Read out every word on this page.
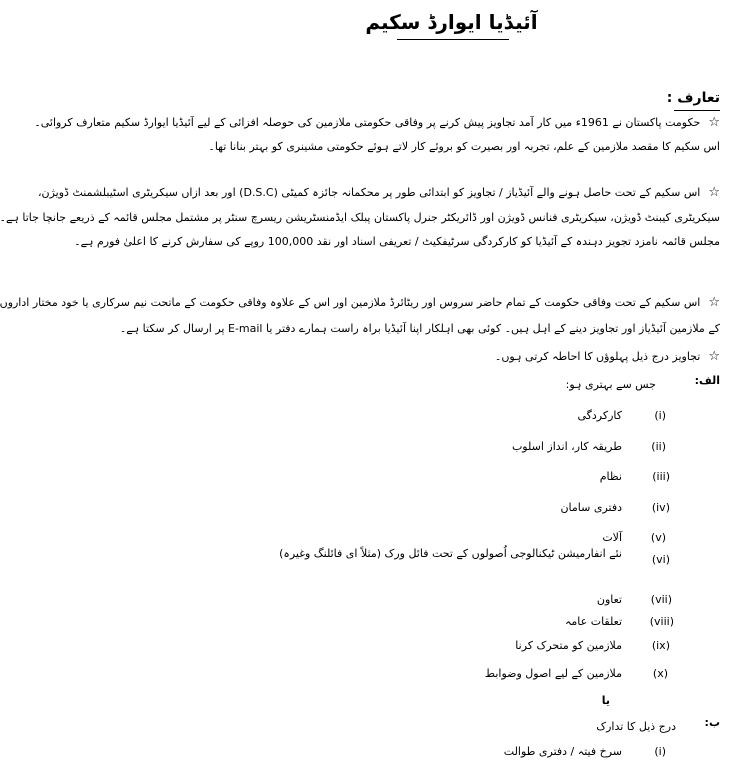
آئیڈیا ایوارڈ سکیم
تعارف :
☆حکومت پاکستان نے 1961ء میں کار آمد تجاویز پیش کرنے پر وفاقی حکومتی ملازمین کی حوصلہ افزائی کے لیے آئیڈیا ایوارڈ سکیم متعارف کروائی۔
اس سکیم کا مقصد ملازمین کے علم، تجربہ اور بصیرت کو بروئے کار لاتے ہوئے حکومتی مشینری کو بہتر بنانا تھا۔
☆اس سکیم کے تحت حاصل ہونے والے آئیڈیاز / تجاویز کو ابتدائی طور پر محکمانہ جائزہ کمیٹی (D.S.C) اور بعد ازاں سیکریٹری اسٹیبلشمنٹ ڈویژن،
سیکریٹری کیبنٹ ڈویژن، سیکریٹری فنانس ڈویژن اور ڈائریکٹر جنرل پاکستان پبلک ایڈمنسٹریشن ریسرچ سنٹر پر مشتمل مجلس قائمہ کے ذریعے جانچا جاتا ہے۔
مجلس قائمہ نامزد تجویز دہندہ کے آئیڈیا کو کارکردگی سرٹیفکیٹ / تعریفی اسناد اور نقد 100,000 روپے کی سفارش کرنے کا اعلیٰ فورم ہے۔
☆اس سکیم کے تحت وفاقی حکومت کے تمام حاضر سروس اور ریٹائرڈ ملازمین اور اس کے علاوہ وفاقی حکومت کے ماتحت نیم سرکاری یا خود مختار اداروں
کے ملازمین آئیڈیاز اور تجاویز دینے کے اہل ہیں۔ کوئی بھی اہلکار اپنا آئیڈیا براہ راست ہمارے دفتر یا E-mail پر ارسال کر سکتا ہے۔
☆تجاویز درج ذیل پہلوؤں کا احاطہ کرتی ہوں۔
الف:
جس سے بہتری ہو:
(i)
کارکردگی
(ii)
طریقہ کار، انداز اسلوب
(iii)
نظام
(iv)
دفتری سامان
(v)
آلات
(vi)
نئے انفارمیشن ٹیکنالوجی اُصولوں کے تحت فائل ورک (مثلاً ای فائلنگ وغیرہ)
(vii)
تعاون
(viii)
تعلقات عامہ
(ix)
ملازمین کو متحرک کرنا
(x)
ملازمین کے لیے اصول وضوابط
یا
ب:
درج ذیل کا تدارک
(i)
سرخ فیتہ / دفتری طوالت
